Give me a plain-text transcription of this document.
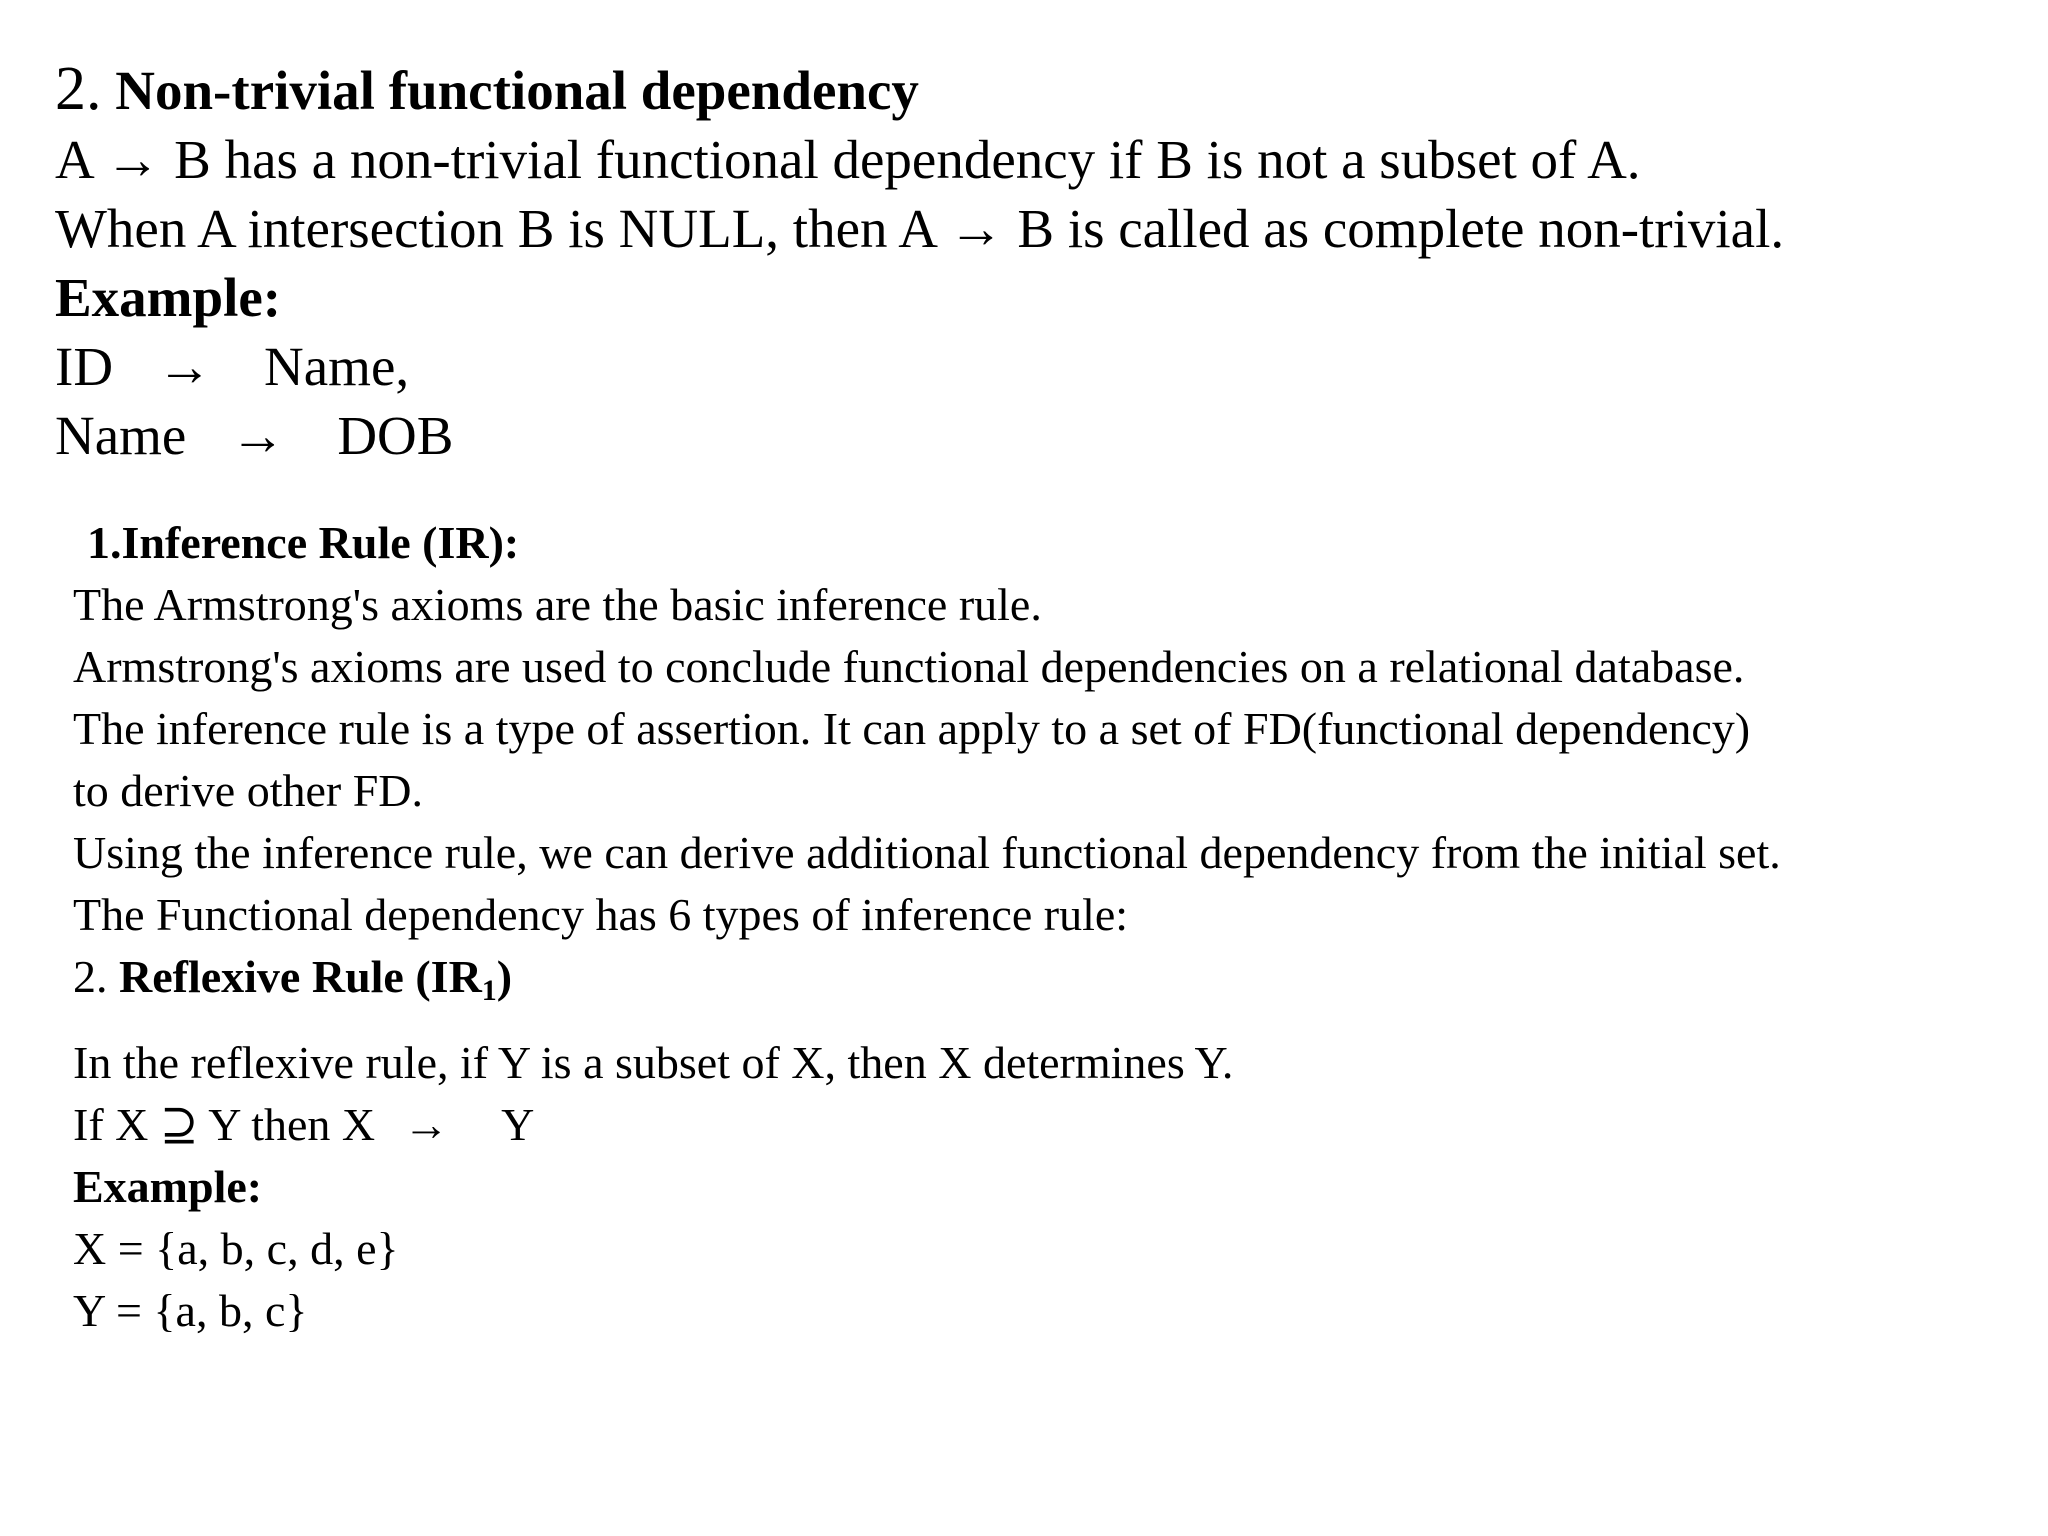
2. Non-trivial functional dependency
A → B has a non-trivial functional dependency if B is not a subset of A.
When A intersection B is NULL, then A → B is called as complete non-trivial.
Example:
ID → Name,
Name → DOB
1.Inference Rule (IR):
The Armstrong's axioms are the basic inference rule.
Armstrong's axioms are used to conclude functional dependencies on a relational database.
The inference rule is a type of assertion. It can apply to a set of FD(functional dependency) to derive other FD.
Using the inference rule, we can derive additional functional dependency from the initial set.
The Functional dependency has 6 types of inference rule:
2. Reflexive Rule $(IR_1)$
In the reflexive rule, if Y is a subset of X, then X determines Y.
If X ⊇ Y then X → Y
Example:
X = {a, b, c, d, e}
Y = {a, b, c}
